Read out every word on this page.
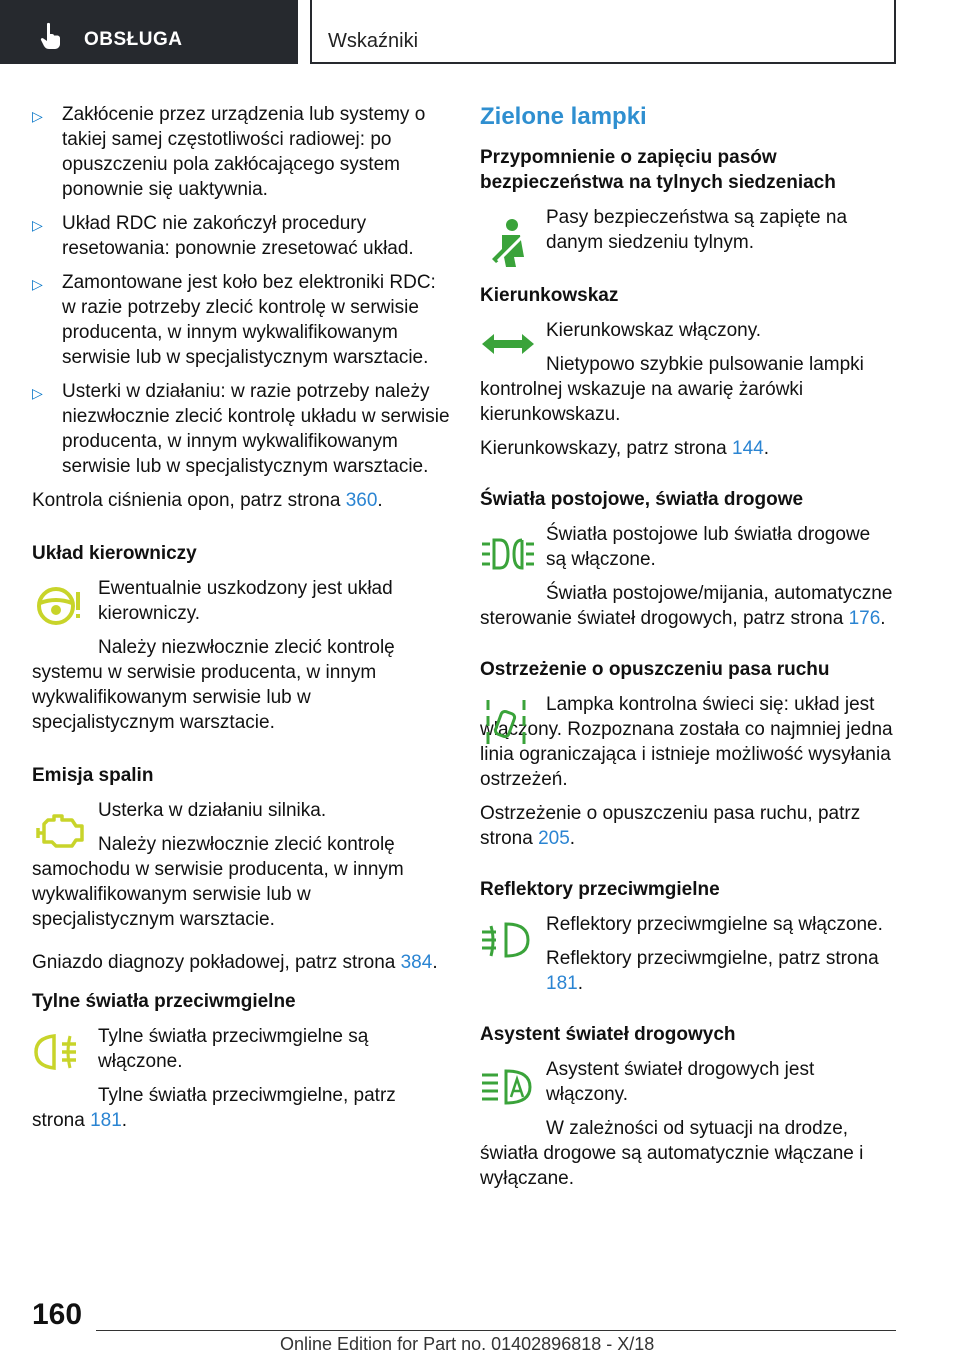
OBSŁUGA	Wskaźniki
▷ Zakłócenie przez urządzenia lub systemy o takiej samej częstotliwości radiowej: po opuszczeniu pola zakłócającego system ponownie się uaktywnia.
▷ Układ RDC nie zakończył procedury resetowania: ponownie zresetować układ.
▷ Zamontowane jest koło bez elektroniki RDC: w razie potrzeby zlecić kontrolę w serwisie producenta, w innym wykwalifikowanym serwisie lub w specjalistycznym warsztacie.
▷ Usterki w działaniu: w razie potrzeby należy niezwłocznie zlecić kontrolę układu w serwisie producenta, w innym wykwalifikowanym serwisie lub w specjalistycznym warsztacie.

Kontrola ciśnienia opon, patrz strona 360.

Układ kierowniczy

Ewentualnie uszkodzony jest układ kierowniczy.

Należy niezwłocznie zlecić kontrolę systemu w serwisie producenta, w innym wykwalifikowanym serwisie lub w specjalistycznym warsztacie.

Emisja spalin

Usterka w działaniu silnika.

Należy niezwłocznie zlecić kontrolę samochodu w serwisie producenta, w innym wykwalifikowanym serwisie lub w specjalistycznym warsztacie.

Gniazdo diagnozy pokładowej, patrz strona 384.

Tylne światła przeciwmgielne

Tylne światła przeciwmgielne są włączone.

Tylne światła przeciwmgielne, patrz strona 181.

Zielone lampki
Przypomnienie o zapięciu pasów bezpieczeństwa na tylnych siedzeniach

Pasy bezpieczeństwa są zapięte na danym siedzeniu tylnym.

Kierunkowskaz

Kierunkowskaz włączony.

Nietypowo szybkie pulsowanie lampki kontrolnej wskazuje na awarię żarówki kierunkowskazu.

Kierunkowskazy, patrz strona 144.

Światła postojowe, światła drogowe

Światła postojowe lub światła drogowe są włączone.

Światła postojowe/mijania, automatyczne sterowanie świateł drogowych, patrz strona 176.

Ostrzeżenie o opuszczeniu pasa ruchu

Lampka kontrolna świeci się: układ jest włączony. Rozpoznana została co najmniej jedna linia ograniczająca i istnieje możliwość wysyłania ostrzeżeń.

Ostrzeżenie o opuszczeniu pasa ruchu, patrz strona 205.

Reflektory przeciwmgielne

Reflektory przeciwmgielne są włączone.

Reflektory przeciwmgielne, patrz strona 181.

Asystent świateł drogowych

Asystent świateł drogowych jest włączony.

W zależności od sytuacji na drodze, światła drogowe są automatycznie włączane i wyłączane.

160
Online Edition for Part no. 01402896818 - X/18
